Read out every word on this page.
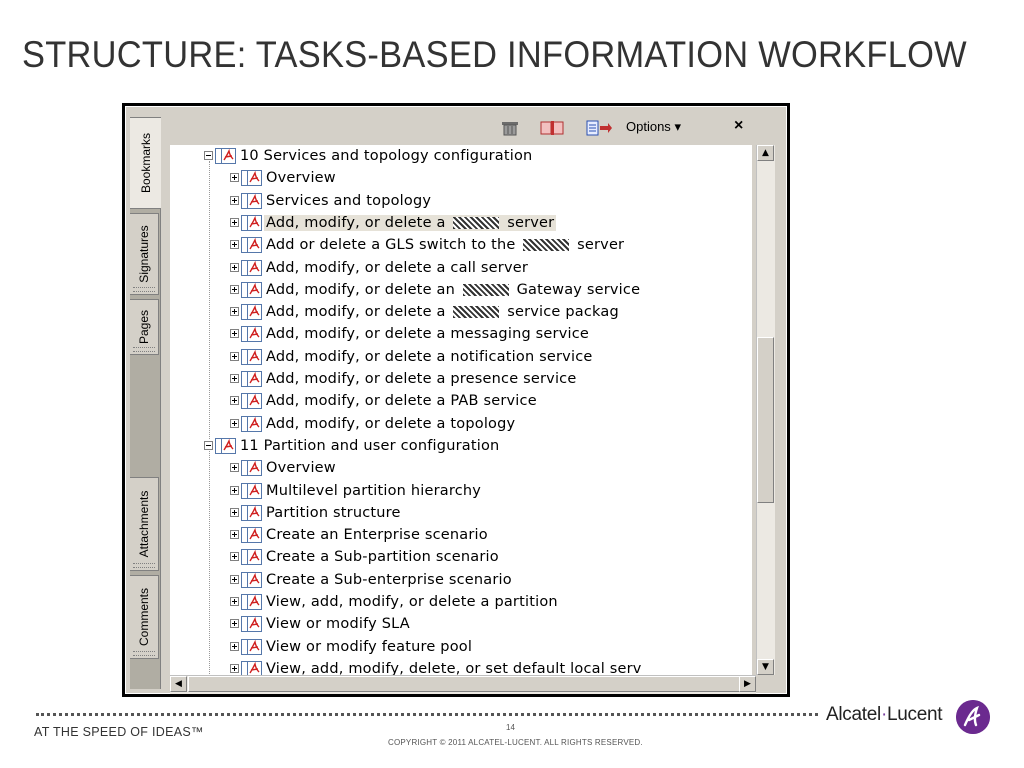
STRUCTURE: TASKS-BASED INFORMATION WORKFLOW
Bookmarks
Signatures
Pages
Attachments
Comments
Options ▾	×
10 Services and topology configuration
Overview
Services and topology
Add, modify, or delete a	server
Add or delete a GLS switch to the	server
Add, modify, or delete a call server
Add, modify, or delete an	Gateway service
Add, modify, or delete a	service packag
Add, modify, or delete a messaging service
Add, modify, or delete a notification service
Add, modify, or delete a presence service
Add, modify, or delete a PAB service
Add, modify, or delete a topology
11 Partition and user configuration
Overview
Multilevel partition hierarchy
Partition structure
Create an Enterprise scenario
Create a Sub-partition scenario
Create a Sub-enterprise scenario
View, add, modify, or delete a partition
View or modify SLA
View or modify feature pool
View, add, modify, delete, or set default local serv
▲
▼
◀	▶
AT THE SPEED OF IDEAS™	14
COPYRIGHT © 2011 ALCATEL-LUCENT. ALL RIGHTS RESERVED.
Alcatel·Lucent
